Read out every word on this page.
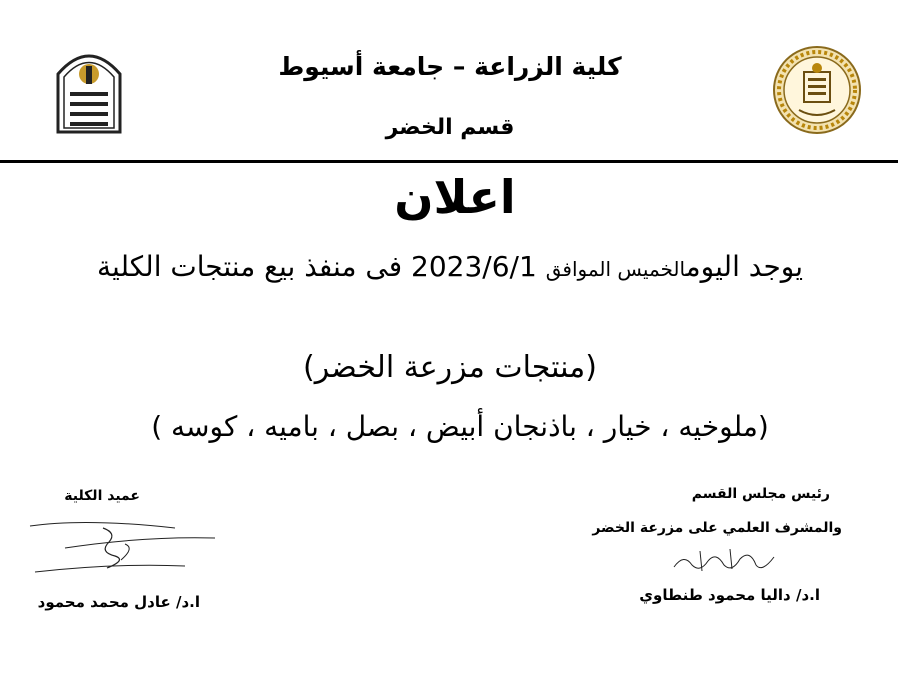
كلية الزراعة – جامعة أسيوط
قسم الخضر
اعلان
يوجد اليومالخميس الموافق 2023/6/1 فى منفذ بيع منتجات الكلية
(منتجات مزرعة الخضر)
(ملوخيه ، خيار ، باذنجان أبيض ، بصل ، باميه ، كوسه )
عميد الكلية
ا.د/ عادل محمد محمود
رئيس مجلس القسم
والمشرف العلمي على مزرعة الخضر
ا.د/ داليا محمود طنطاوي
